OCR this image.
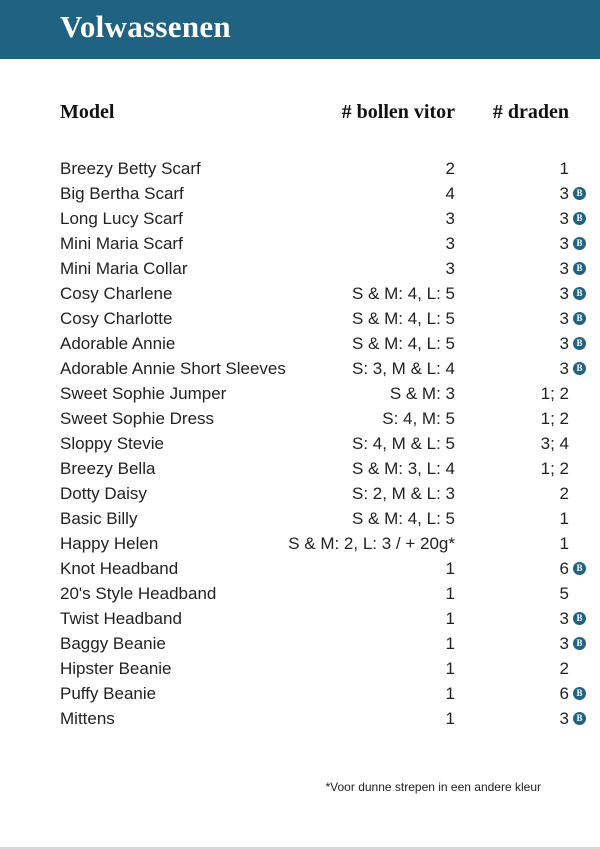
Volwassenen
Model	# bollen vitor # draden
Breezy Betty Scarf	2	1
Big Bertha Scarf	4	3 B
Long Lucy Scarf	3	3 B
Mini Maria Scarf	3	3 B
Mini Maria Collar	3	3 B
Cosy Charlene	S & M: 4, L: 5	3 B
Cosy Charlotte	S & M: 4, L: 5	3 B
Adorable Annie	S & M: 4, L: 5	3 B
Adorable Annie Short Sleeves	S: 3, M & L: 4	3 B
Sweet Sophie Jumper	S & M: 3	1; 2
Sweet Sophie Dress	S: 4, M: 5	1; 2
Sloppy Stevie	S: 4, M & L: 5	3; 4
Breezy Bella	S & M: 3, L: 4	1; 2
Dotty Daisy	S: 2, M & L: 3	2
Basic Billy	S & M: 4, L: 5	1
Happy Helen	S & M: 2, L: 3 / + 20g*	1
Knot Headband	1	6 B
20's Style Headband	1	5
Twist Headband	1	3 B
Baggy Beanie	1	3 B
Hipster Beanie	1	2
Puffy Beanie	1	6 B
Mittens	1	3 B
*Voor dunne strepen in een andere kleur
